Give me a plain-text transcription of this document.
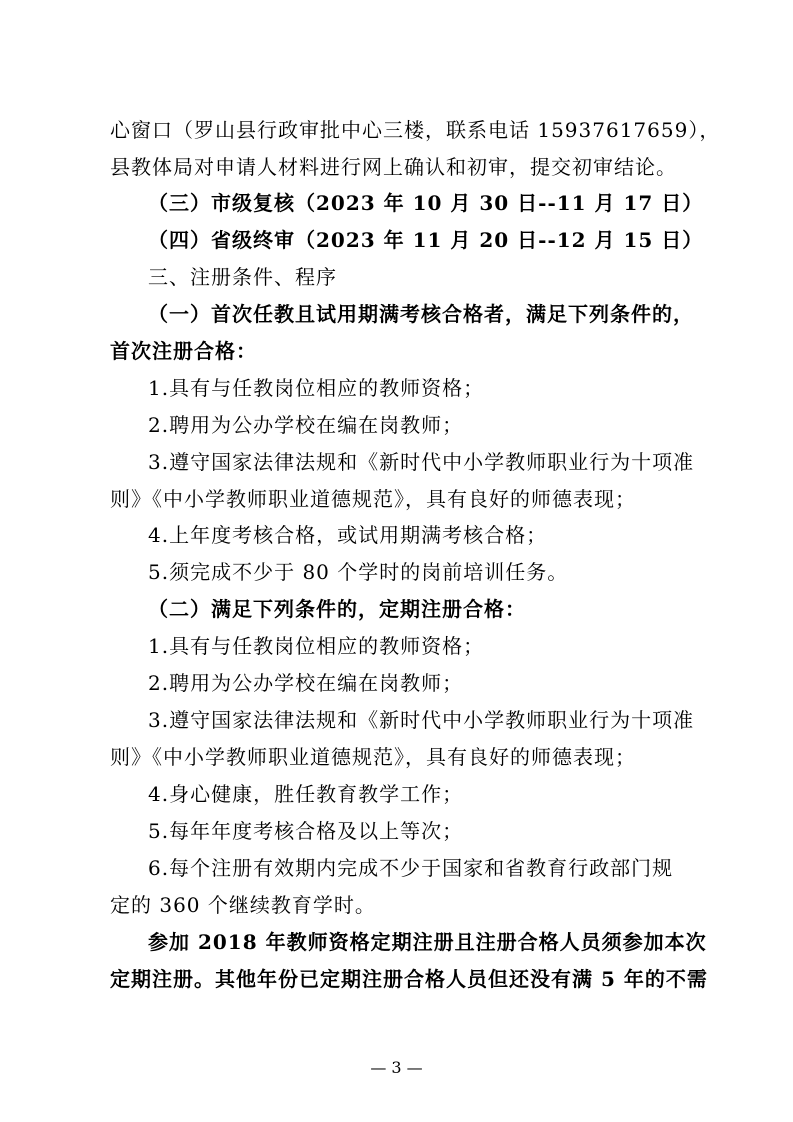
心窗口（罗山县行政审批中心三楼，联系电话 15937617659），
县教体局对申请人材料进行网上确认和初审，提交初审结论。
（三）市级复核（2023 年 10 月 30 日--11 月 17 日）
（四）省级终审（2023 年 11 月 20 日--12 月 15 日）
三、注册条件、程序
（一）首次任教且试用期满考核合格者，满足下列条件的，
首次注册合格：
1.具有与任教岗位相应的教师资格；
2.聘用为公办学校在编在岗教师；
3.遵守国家法律法规和《新时代中小学教师职业行为十项准
则》《中小学教师职业道德规范》，具有良好的师德表现；
4.上年度考核合格，或试用期满考核合格；
5.须完成不少于 80 个学时的岗前培训任务。
（二）满足下列条件的，定期注册合格：
1.具有与任教岗位相应的教师资格；
2.聘用为公办学校在编在岗教师；
3.遵守国家法律法规和《新时代中小学教师职业行为十项准
则》《中小学教师职业道德规范》，具有良好的师德表现；
4.身心健康，胜任教育教学工作；
5.每年年度考核合格及以上等次；
6.每个注册有效期内完成不少于国家和省教育行政部门规
定的 360 个继续教育学时。
参加 2018 年教师资格定期注册且注册合格人员须参加本次
定期注册。其他年份已定期注册合格人员但还没有满 5 年的不需
— 3 —
